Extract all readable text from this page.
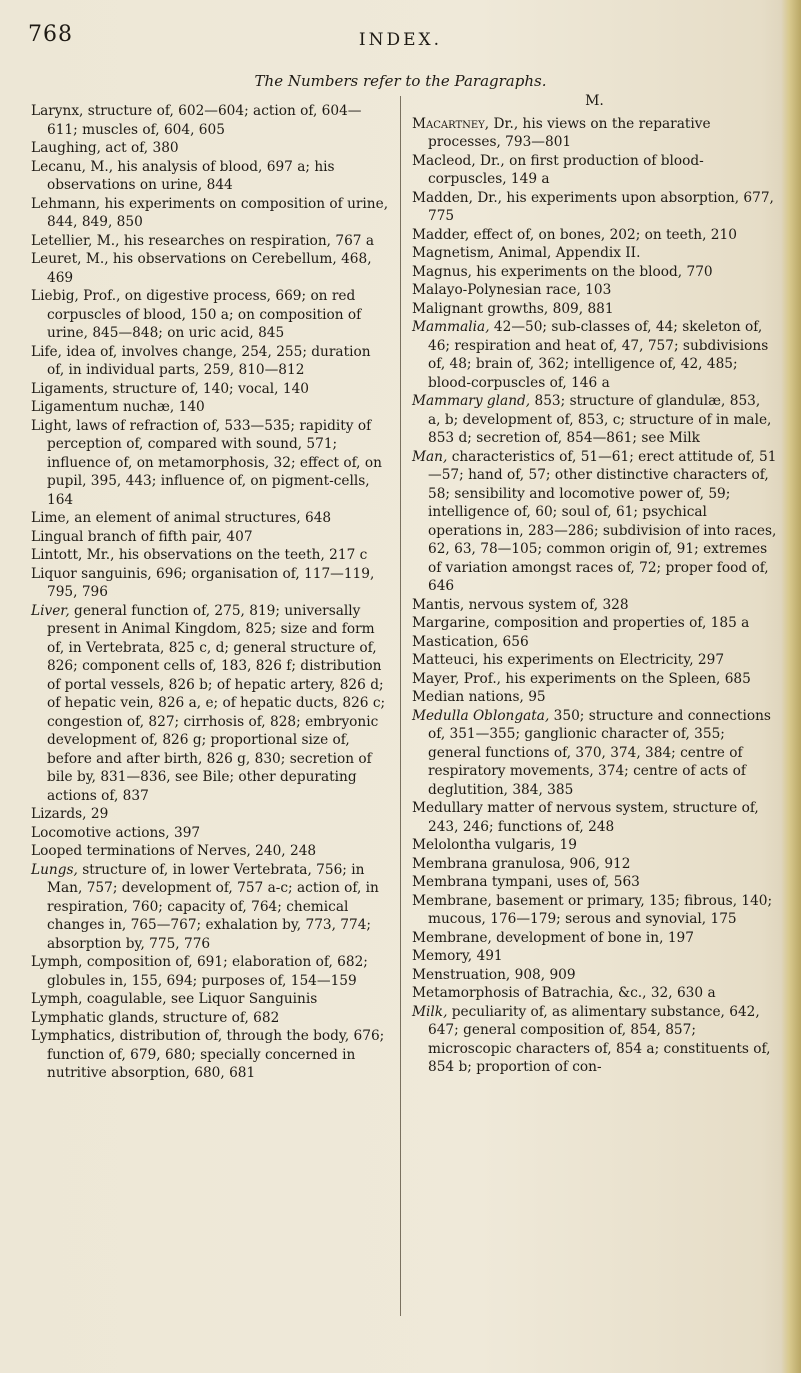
768	INDEX.
The Numbers refer to the Paragraphs.

Larynx, structure of, 602—604; action of, 604—611; muscles of, 604, 605

Laughing, act of, 380

Lecanu, M., his analysis of blood, 697 a; his observations on urine, 844

Lehmann, his experiments on composition of urine, 844, 849, 850

Letellier, M., his researches on respiration, 767 a

Leuret, M., his observations on Cerebellum, 468, 469

Liebig, Prof., on digestive process, 669; on red corpuscles of blood, 150 a; on composition of urine, 845—848; on uric acid, 845

Life, idea of, involves change, 254, 255; duration of, in individual parts, 259, 810—812

Ligaments, structure of, 140; vocal, 140

Ligamentum nuchæ, 140

Light, laws of refraction of, 533—535; rapidity of perception of, compared with sound, 571; influence of, on metamorphosis, 32; effect of, on pupil, 395, 443; influence of, on pigment-cells, 164

Lime, an element of animal structures, 648

Lingual branch of fifth pair, 407

Lintott, Mr., his observations on the teeth, 217 c

Liquor sanguinis, 696; organisation of, 117—119, 795, 796

Liver, general function of, 275, 819; universally present in Animal Kingdom, 825; size and form of, in Vertebrata, 825 c, d; general structure of, 826; component cells of, 183, 826 f; distribution of portal vessels, 826 b; of hepatic artery, 826 d; of hepatic vein, 826 a, e; of hepatic ducts, 826 c; congestion of, 827; cirrhosis of, 828; embryonic development of, 826 g; proportional size of, before and after birth, 826 g, 830; secretion of bile by, 831—836, see Bile; other depurating actions of, 837

Lizards, 29

Locomotive actions, 397

Looped terminations of Nerves, 240, 248

Lungs, structure of, in lower Vertebrata, 756; in Man, 757; development of, 757 a-c; action of, in respiration, 760; capacity of, 764; chemical changes in, 765—767; exhalation by, 773, 774; absorption by, 775, 776

Lymph, composition of, 691; elaboration of, 682; globules in, 155, 694; purposes of, 154—159

Lymph, coagulable, see Liquor Sanguinis

Lymphatic glands, structure of, 682

Lymphatics, distribution of, through the body, 676; function of, 679, 680; specially concerned in nutritive absorption, 680, 681

M.

Macartney, Dr., his views on the reparative processes, 793—801

Macleod, Dr., on first production of blood-corpuscles, 149 a

Madden, Dr., his experiments upon absorption, 677, 775

Madder, effect of, on bones, 202; on teeth, 210

Magnetism, Animal, Appendix II.

Magnus, his experiments on the blood, 770

Malayo-Polynesian race, 103

Malignant growths, 809, 881

Mammalia, 42—50; sub-classes of, 44; skeleton of, 46; respiration and heat of, 47, 757; subdivisions of, 48; brain of, 362; intelligence of, 42, 485; blood-corpuscles of, 146 a

Mammary gland, 853; structure of glandulæ, 853, a, b; development of, 853, c; structure of in male, 853 d; secretion of, 854—861; see Milk

Man, characteristics of, 51—61; erect attitude of, 51—57; hand of, 57; other distinctive characters of, 58; sensibility and locomotive power of, 59; intelligence of, 60; soul of, 61; psychical operations in, 283—286; subdivision of into races, 62, 63, 78—105; common origin of, 91; extremes of variation amongst races of, 72; proper food of, 646

Mantis, nervous system of, 328

Margarine, composition and properties of, 185 a

Mastication, 656

Matteuci, his experiments on Electricity, 297

Mayer, Prof., his experiments on the Spleen, 685

Median nations, 95

Medulla Oblongata, 350; structure and connections of, 351—355; ganglionic character of, 355; general functions of, 370, 374, 384; centre of respiratory movements, 374; centre of acts of deglutition, 384, 385

Medullary matter of nervous system, structure of, 243, 246; functions of, 248

Melolontha vulgaris, 19

Membrana granulosa, 906, 912

Membrana tympani, uses of, 563

Membrane, basement or primary, 135; fibrous, 140; mucous, 176—179; serous and synovial, 175

Membrane, development of bone in, 197

Memory, 491

Menstruation, 908, 909

Metamorphosis of Batrachia, &c., 32, 630 a

Milk, peculiarity of, as alimentary substance, 642, 647; general composition of, 854, 857; microscopic characters of, 854 a; constituents of, 854 b; proportion of con-
